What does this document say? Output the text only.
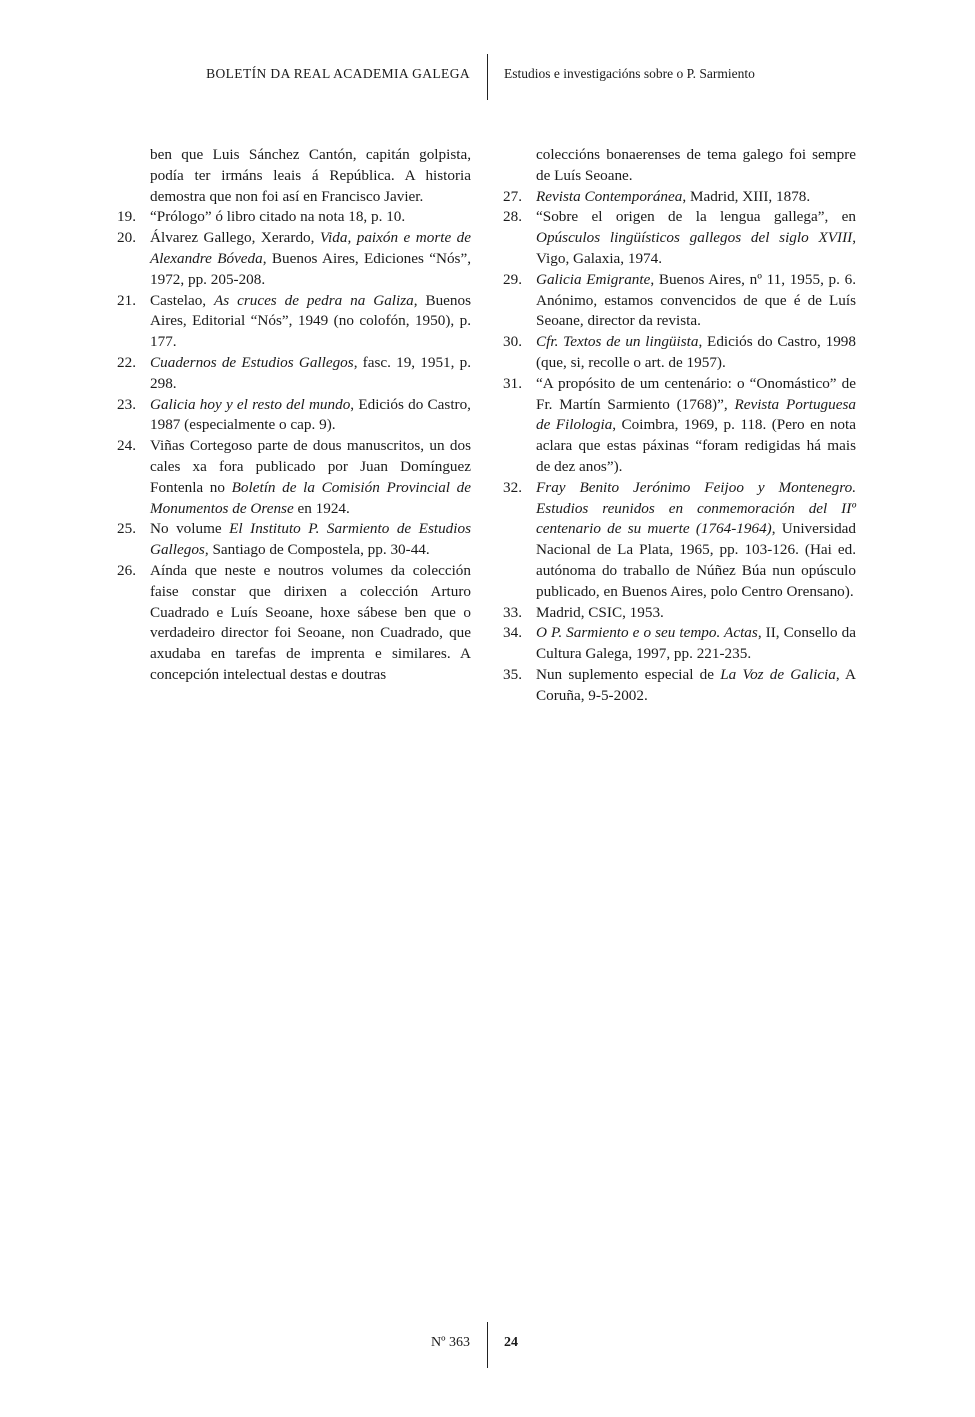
BOLETÍN DA REAL ACADEMIA GALEGA	Estudios e investigacións sobre o P. Sarmiento
ben que Luis Sánchez Cantón, capitán golpista, podía ter irmáns leais á República. A historia demostra que non foi así en Francisco Javier.
19. “Prólogo” ó libro citado na nota 18, p. 10.
20. Álvarez Gallego, Xerardo, Vida, paixón e morte de Alexandre Bóveda, Buenos Aires, Ediciones “Nós”, 1972, pp. 205-208.
21. Castelao, As cruces de pedra na Galiza, Buenos Aires, Editorial “Nós”, 1949 (no colofón, 1950), p. 177.
22. Cuadernos de Estudios Gallegos, fasc. 19, 1951, p. 298.
23. Galicia hoy y el resto del mundo, Ediciós do Castro, 1987 (especialmente o cap. 9).
24. Viñas Cortegoso parte de dous manuscritos, un dos cales xa fora publicado por Juan Domínguez Fontenla no Boletín de la Comisión Provincial de Monumentos de Orense en 1924.
25. No volume El Instituto P. Sarmiento de Estudios Gallegos, Santiago de Compostela, pp. 30-44.
26. Aínda que neste e noutros volumes da colección faise constar que dirixen a colección Arturo Cuadrado e Luís Seoane, hoxe sábese ben que o verdadeiro director foi Seoane, non Cuadrado, que axudaba en tarefas de imprenta e similares. A concepción intelectual destas e doutras
coleccións bonaerenses de tema galego foi sempre de Luís Seoane.
27. Revista Contemporánea, Madrid, XIII, 1878.
28. “Sobre el origen de la lengua gallega”, en Opúsculos lingüísticos gallegos del siglo XVIII, Vigo, Galaxia, 1974.
29. Galicia Emigrante, Buenos Aires, nº 11, 1955, p. 6. Anónimo, estamos convencidos de que é de Luís Seoane, director da revista.
30. Cfr. Textos de un lingüista, Ediciós do Castro, 1998 (que, si, recolle o art. de 1957).
31. “A propósito de um centenário: o “Onomástico” de Fr. Martín Sarmiento (1768)”, Revista Portuguesa de Filologia, Coimbra, 1969, p. 118. (Pero en nota aclara que estas páxinas “foram redigidas há mais de dez anos”).
32. Fray Benito Jerónimo Feijoo y Montenegro. Estudios reunidos en conmemoración del IIº centenario de su muerte (1764-1964), Universidad Nacional de La Plata, 1965, pp. 103-126. (Hai ed. autónoma do traballo de Núñez Búa nun opúsculo publicado, en Buenos Aires, polo Centro Orensano).
33. Madrid, CSIC, 1953.
34. O P. Sarmiento e o seu tempo. Actas, II, Consello da Cultura Galega, 1997, pp. 221-235.
35. Nun suplemento especial de La Voz de Galicia, A Coruña, 9-5-2002.
Nº 363 24
